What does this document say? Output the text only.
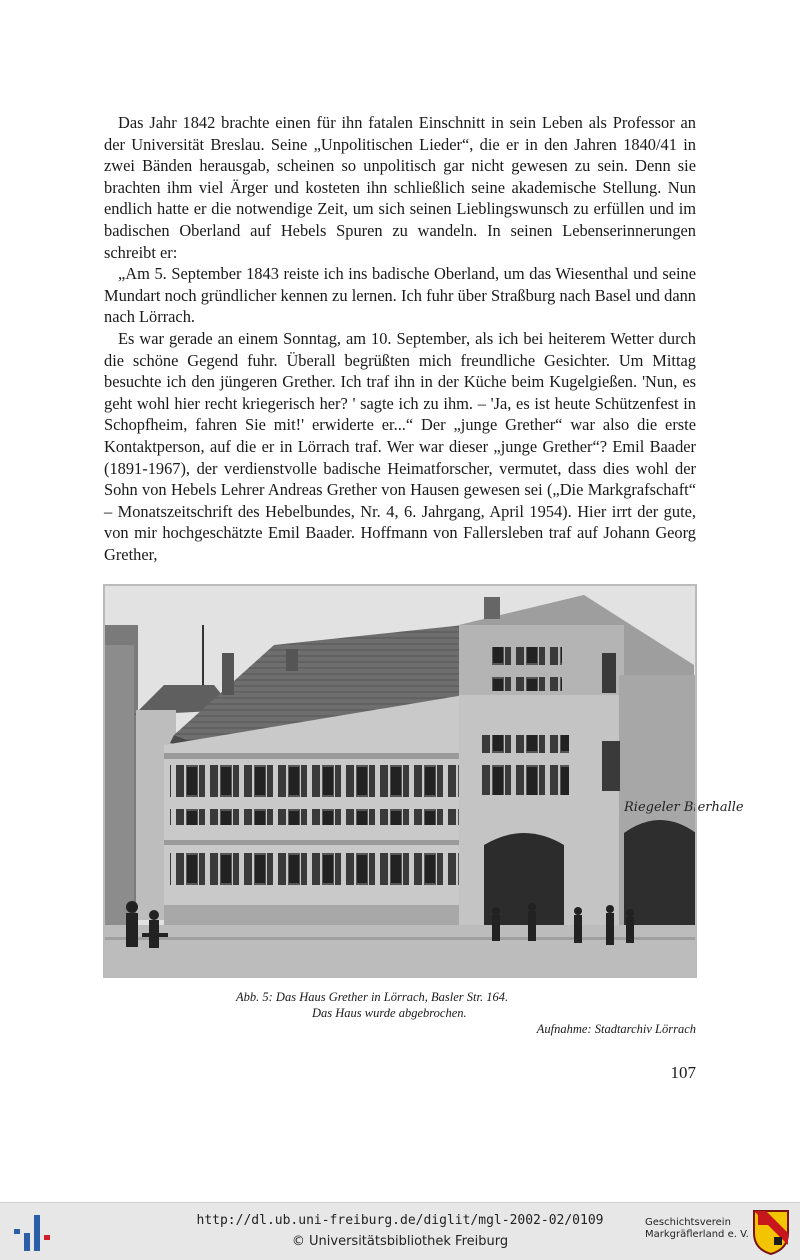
Das Jahr 1842 brachte einen für ihn fatalen Einschnitt in sein Leben als Professor an der Universität Breslau. Seine „Unpolitischen Lieder“, die er in den Jahren 1840/41 in zwei Bänden herausgab, scheinen so unpolitisch gar nicht gewesen zu sein. Denn sie brachten ihm viel Ärger und kosteten ihn schließlich seine akademische Stellung. Nun endlich hatte er die notwendige Zeit, um sich seinen Lieblingswunsch zu erfüllen und im badischen Oberland auf Hebels Spuren zu wandeln. In seinen Lebenserinnerungen schreibt er:

„Am 5. September 1843 reiste ich ins badische Oberland, um das Wiesenthal und seine Mundart noch gründlicher kennen zu lernen. Ich fuhr über Straßburg nach Basel und dann nach Lörrach.

Es war gerade an einem Sonntag, am 10. September, als ich bei heiterem Wetter durch die schöne Gegend fuhr. Überall begrüßten mich freundliche Gesichter. Um Mittag besuchte ich den jüngeren Grether. Ich traf ihn in der Küche beim Kugelgießen. 'Nun, es geht wohl hier recht kriegerisch her? ' sagte ich zu ihm. – 'Ja, es ist heute Schützenfest in Schopfheim, fahren Sie mit!' erwiderte er...“ Der „junge Grether“ war also die erste Kontaktperson, auf die er in Lörrach traf. Wer war dieser „junge Grether“? Emil Baader (1891-1967), der verdienstvolle badische Heimatforscher, vermutet, dass dies wohl der Sohn von Hebels Lehrer Andreas Grether von Hausen gewesen sei („Die Markgrafschaft“ – Monatszeitschrift des Hebelbundes, Nr. 4, 6. Jahrgang, April 1954). Hier irrt der gute, von mir hochgeschätzte Emil Baader. Hoffmann von Fallersleben traf auf Johann Georg Grether,

Riegeler Bierhalle
Abb. 5: Das Haus Grether in Lörrach, Basler Str. 164.
Das Haus wurde abgebrochen.
Aufnahme: Stadtarchiv Lörrach
107
http://dl.ub.uni-freiburg.de/diglit/mgl-2002-02/0109
© Universitätsbibliothek Freiburg
Geschichtsverein
Markgräflerland e. V.
